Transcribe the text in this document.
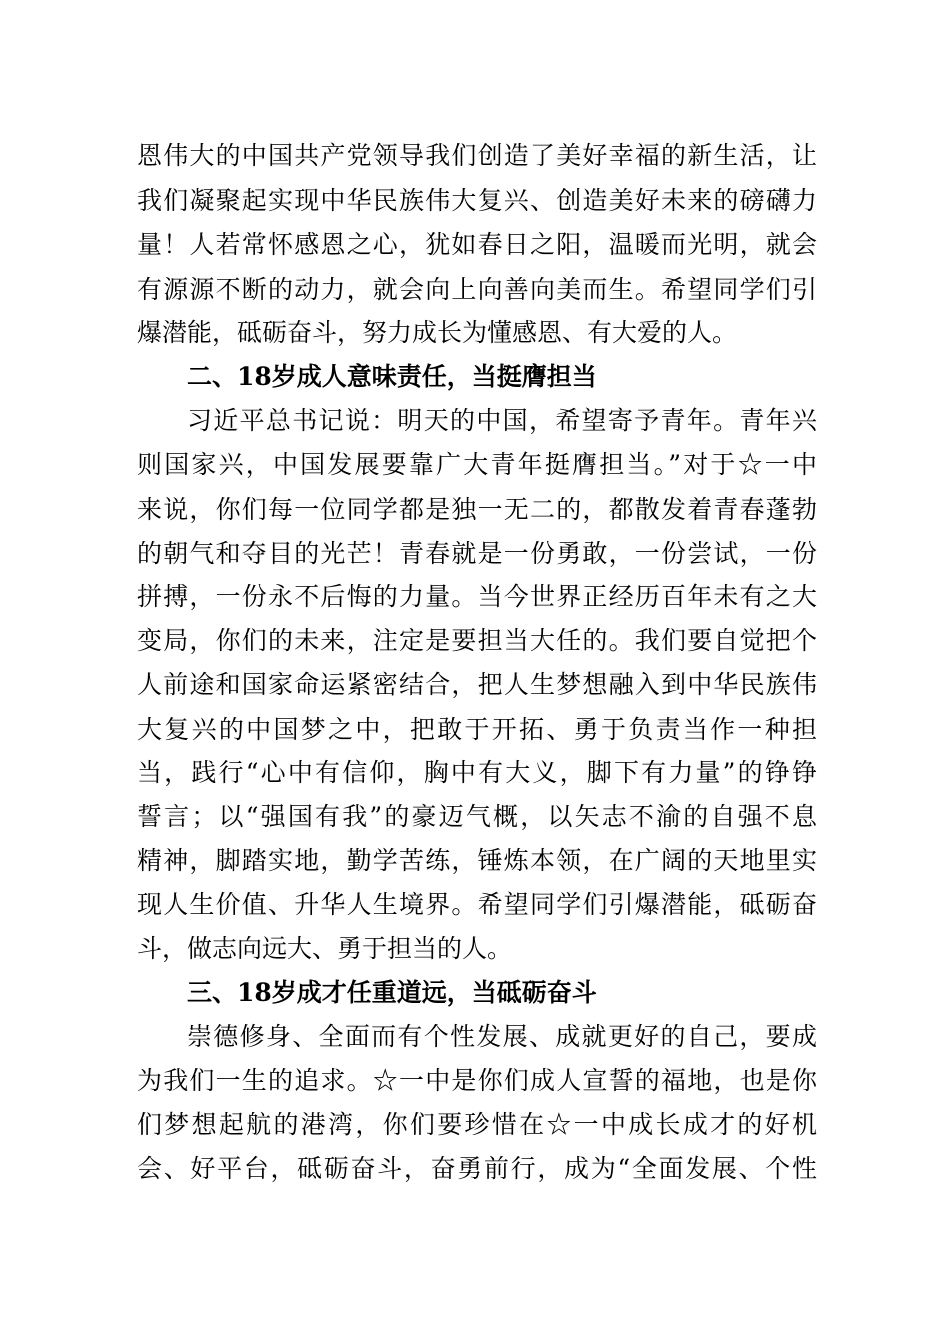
恩伟大的中国共产党领导我们创造了美好幸福的新生活，让
我们凝聚起实现中华民族伟大复兴、创造美好未来的磅礴力
量！人若常怀感恩之心，犹如春日之阳，温暖而光明，就会
有源源不断的动力，就会向上向善向美而生。希望同学们引
爆潜能，砥砺奋斗，努力成长为懂感恩、有大爱的人。
二、18岁成人意味责任，当挺膺担当
习近平总书记说：明天的中国，希望寄予青年。青年兴
则国家兴，中国发展要靠广大青年挺膺担当。”对于☆一中
来说，你们每一位同学都是独一无二的，都散发着青春蓬勃
的朝气和夺目的光芒！青春就是一份勇敢，一份尝试，一份
拼搏，一份永不后悔的力量。当今世界正经历百年未有之大
变局，你们的未来，注定是要担当大任的。我们要自觉把个
人前途和国家命运紧密结合，把人生梦想融入到中华民族伟
大复兴的中国梦之中，把敢于开拓、勇于负责当作一种担
当，践行“心中有信仰，胸中有大义，脚下有力量”的铮铮
誓言；以“强国有我”的豪迈气概，以矢志不渝的自强不息
精神，脚踏实地，勤学苦练，锤炼本领，在广阔的天地里实
现人生价值、升华人生境界。希望同学们引爆潜能，砥砺奋
斗，做志向远大、勇于担当的人。
三、18岁成才任重道远，当砥砺奋斗
崇德修身、全面而有个性发展、成就更好的自己，要成
为我们一生的追求。☆一中是你们成人宣誓的福地，也是你
们梦想起航的港湾，你们要珍惜在☆一中成长成才的好机
会、好平台，砥砺奋斗，奋勇前行，成为“全面发展、个性
